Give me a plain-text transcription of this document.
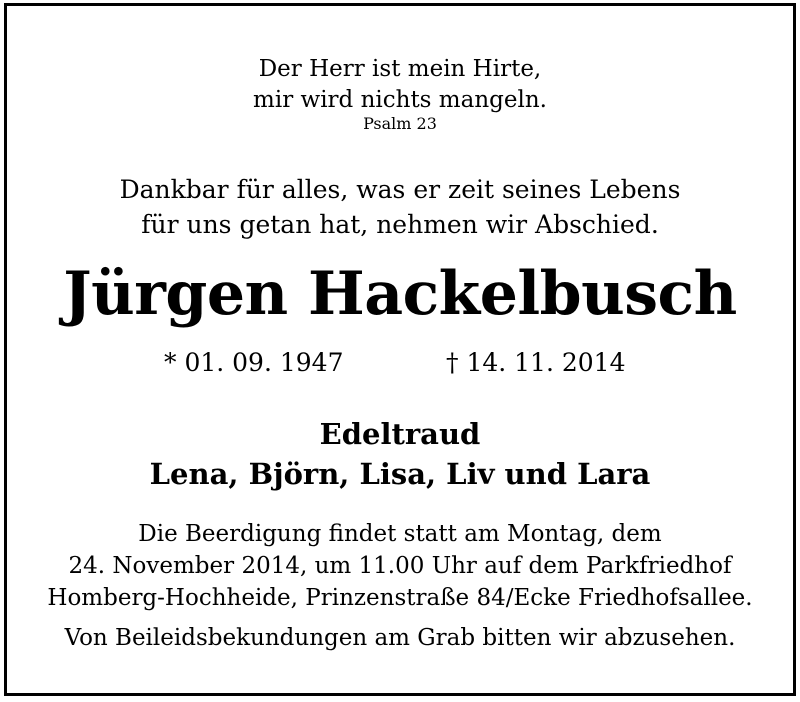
Der Herr ist mein Hirte,
mir wird nichts mangeln.
Psalm 23
Dankbar für alles, was er zeit seines Lebens
für uns getan hat, nehmen wir Abschied.
Jürgen Hackelbusch
* 01. 09. 1947	† 14. 11. 2014
Edeltraud
Lena, Björn, Lisa, Liv und Lara
Die Beerdigung findet statt am Montag, dem
24. November 2014, um 11.00 Uhr auf dem Parkfriedhof
Homberg-Hochheide, Prinzenstraße 84/Ecke Friedhofsallee.
Von Beileidsbekundungen am Grab bitten wir abzusehen.
